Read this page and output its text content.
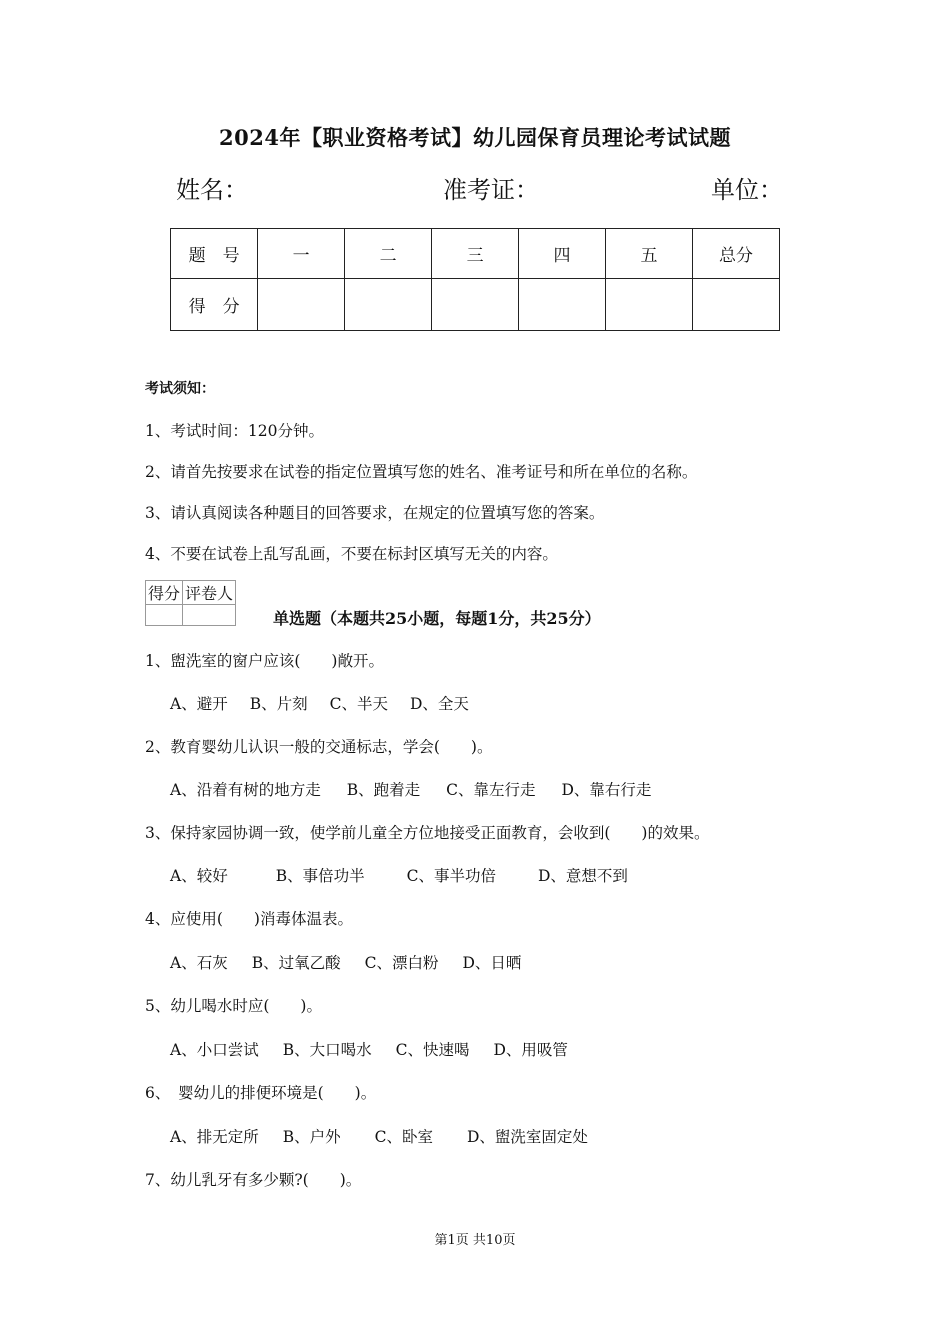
2024年【职业资格考试】幼儿园保育员理论考试试题
姓名：	准考证：	单位：
题　号	一	二	三	四	五	总分
得　分						
考试须知：
1、考试时间：120分钟。
2、请首先按要求在试卷的指定位置填写您的姓名、准考证号和所在单位的名称。
3、请认真阅读各种题目的回答要求，在规定的位置填写您的答案。
4、不要在试卷上乱写乱画，不要在标封区填写无关的内容。
得分	评卷人

单选题（本题共25小题，每题1分，共25分）
1、盥洗室的窗户应该(　　)敞开。
A、避开 B、片刻 C、半天 D、全天
2、教育婴幼儿认识一般的交通标志，学会(　　)。
A、沿着有树的地方走 B、跑着走 C、靠左行走 D、靠右行走
3、保持家园协调一致，使学前儿童全方位地接受正面教育，会收到(　　)的效果。
A、较好	B、事倍功半	C、事半功倍	D、意想不到
4、应使用(　　)消毒体温表。
A、石灰 B、过氧乙酸 C、漂白粉 D、日晒
5、幼儿喝水时应(　　)。
A、小口尝试 B、大口喝水 C、快速喝 D、用吸管
6、　婴幼儿的排便环境是(　　)。
A、排无定所 B、户外 C、卧室 D、盥洗室固定处
7、幼儿乳牙有多少颗?(　　)。
第1页 共10页
